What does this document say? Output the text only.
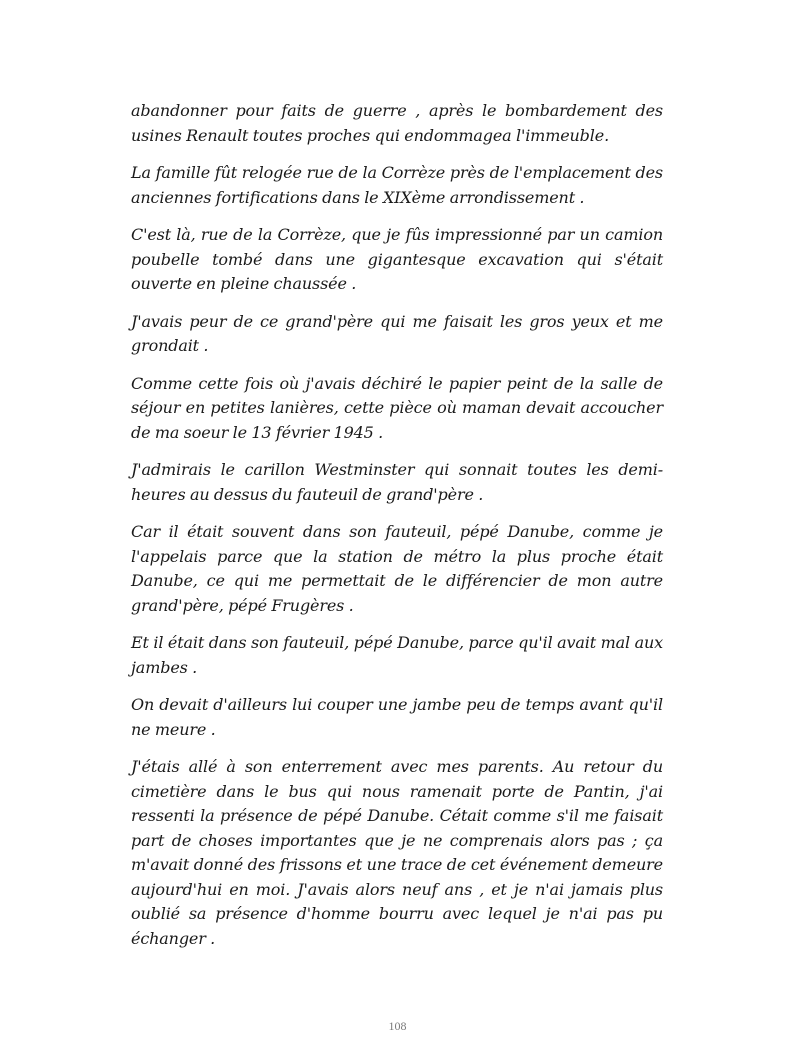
abandonner pour faits de guerre , après le bombardement des usines Renault toutes proches qui endommagea l'immeuble.

La famille fût relogée rue de la Corrèze près de l'emplacement des anciennes fortifications dans le XIXème arrondissement .

C'est là, rue de la Corrèze, que je fûs impressionné par un camion poubelle tombé dans une gigantesque excavation qui s'était ouverte en pleine chaussée .

J'avais peur de ce grand'père qui me faisait les gros yeux et me grondait .

Comme cette fois où j'avais déchiré le papier peint de la salle de séjour en petites lanières, cette pièce où maman devait accoucher de ma soeur le 13 février 1945 .

J'admirais le carillon Westminster qui sonnait toutes les demi-heures au dessus du fauteuil de grand'père .

Car il était souvent dans son fauteuil, pépé Danube, comme je l'appelais parce que la station de métro la plus proche était Danube, ce qui me permettait de le différencier de mon autre grand'père, pépé Frugères .

Et il était dans son fauteuil, pépé Danube, parce qu'il avait mal aux jambes .

On devait d'ailleurs lui couper une jambe peu de temps avant qu'il ne meure .

J'étais allé à son enterrement avec mes parents. Au retour du cimetière dans le bus qui nous ramenait porte de Pantin, j'ai ressenti la présence de pépé Danube. Cétait comme s'il me faisait part de choses importantes que je ne comprenais alors pas ; ça m'avait donné des frissons et une trace de cet événement demeure aujourd'hui en moi. J'avais alors neuf ans , et je n'ai jamais plus oublié sa présence d'homme bourru avec lequel je n'ai pas pu échanger .

108
